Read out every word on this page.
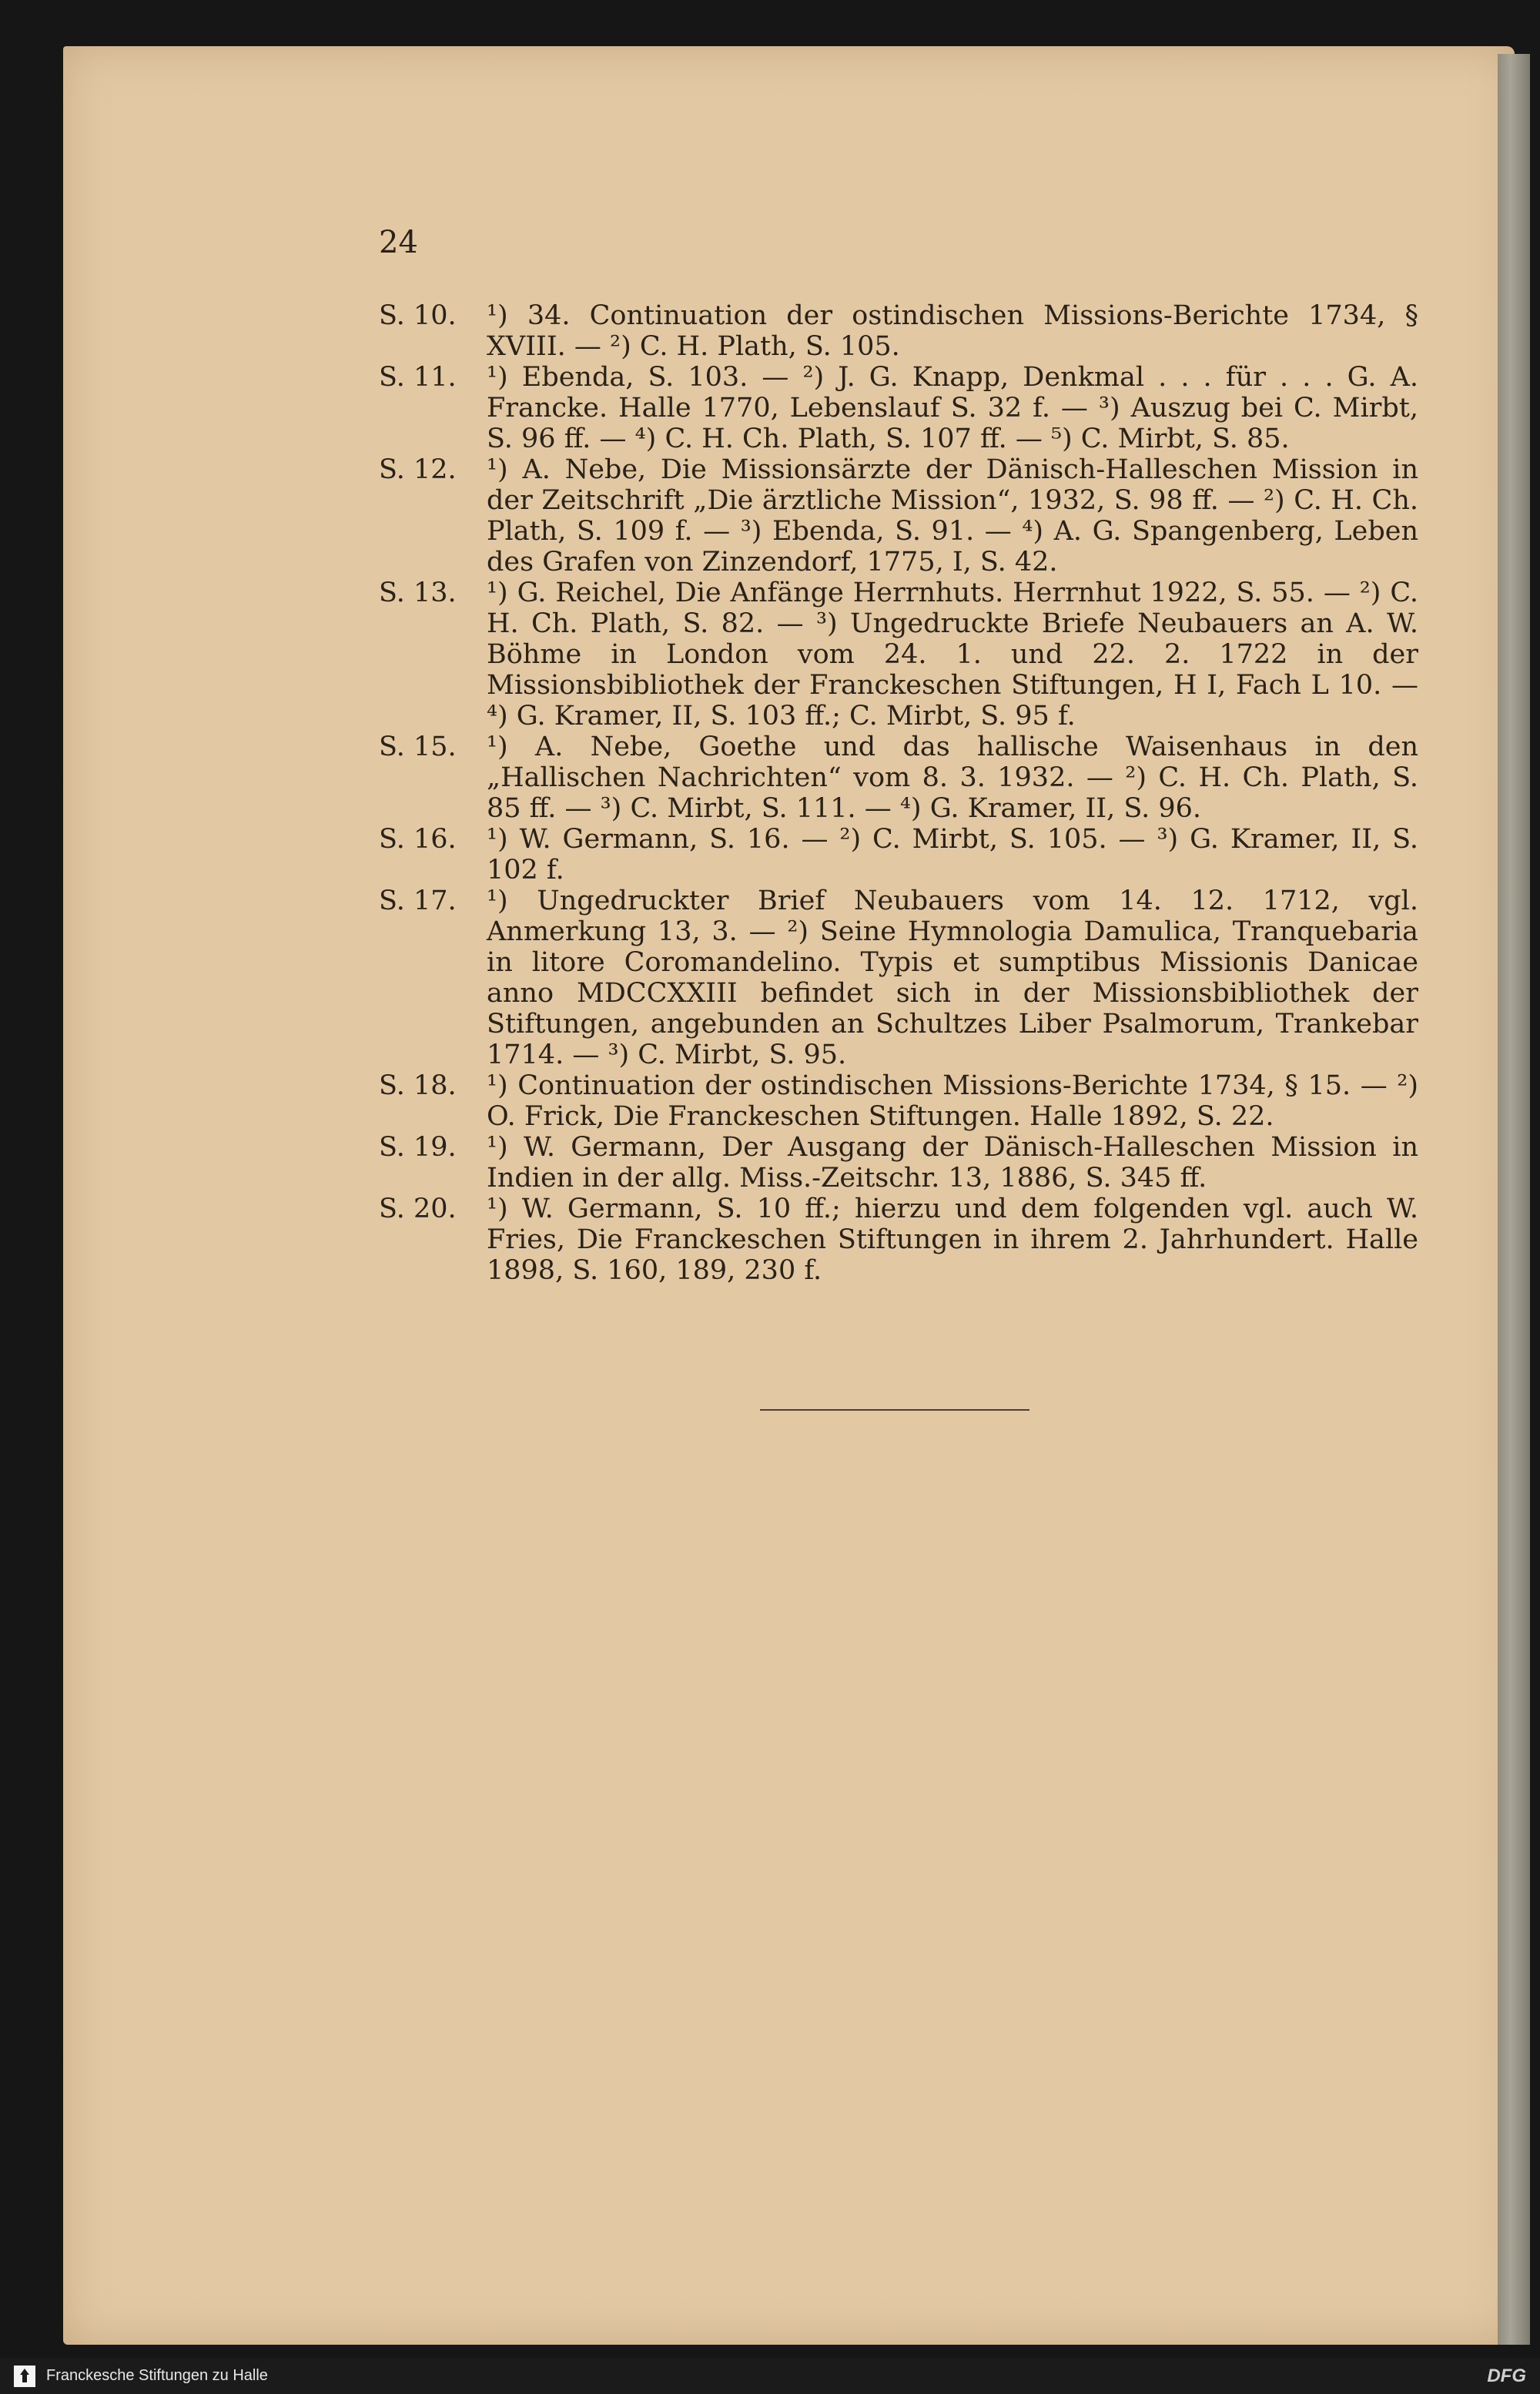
24
S. 10.	¹) 34. Continuation der ostindischen Missions-Berichte 1734, § XVIII. — ²) C. H. Plath, S. 105.
S. 11.	¹) Ebenda, S. 103. — ²) J. G. Knapp, Denkmal . . . für . . . G. A. Francke. Halle 1770, Lebenslauf S. 32 f. — ³) Auszug bei C. Mirbt, S. 96 ff. — ⁴) C. H. Ch. Plath, S. 107 ff. — ⁵) C. Mirbt, S. 85.
S. 12.	¹) A. Nebe, Die Missionsärzte der Dänisch-Halleschen Mission in der Zeitschrift „Die ärztliche Mission“, 1932, S. 98 ff. — ²) C. H. Ch. Plath, S. 109 f. — ³) Ebenda, S. 91. — ⁴) A. G. Spangenberg, Leben des Grafen von Zinzendorf, 1775, I, S. 42.
S. 13.	¹) G. Reichel, Die Anfänge Herrnhuts. Herrnhut 1922, S. 55. — ²) C. H. Ch. Plath, S. 82. — ³) Ungedruckte Briefe Neubauers an A. W. Böhme in London vom 24. 1. und 22. 2. 1722 in der Missionsbibliothek der Franckeschen Stiftungen, H I, Fach L 10. — ⁴) G. Kramer, II, S. 103 ff.; C. Mirbt, S. 95 f.
S. 15.	¹) A. Nebe, Goethe und das hallische Waisenhaus in den „Hallischen Nachrichten“ vom 8. 3. 1932. — ²) C. H. Ch. Plath, S. 85 ff. — ³) C. Mirbt, S. 111. — ⁴) G. Kramer, II, S. 96.
S. 16.	¹) W. Germann, S. 16. — ²) C. Mirbt, S. 105. — ³) G. Kramer, II, S. 102 f.
S. 17.	¹) Ungedruckter Brief Neubauers vom 14. 12. 1712, vgl. Anmerkung 13, 3. — ²) Seine Hymnologia Damulica, Tranquebaria in litore Coromandelino. Typis et sumptibus Missionis Danicae anno MDCCXXIII befindet sich in der Missionsbibliothek der Stiftungen, angebunden an Schultzes Liber Psalmorum, Trankebar 1714. — ³) C. Mirbt, S. 95.
S. 18.	¹) Continuation der ostindischen Missions-Berichte 1734, § 15. — ²) O. Frick, Die Franckeschen Stiftungen. Halle 1892, S. 22.
S. 19.	¹) W. Germann, Der Ausgang der Dänisch-Halleschen Mission in Indien in der allg. Miss.-Zeitschr. 13, 1886, S. 345 ff.
S. 20.	¹) W. Germann, S. 10 ff.; hierzu und dem folgenden vgl. auch W. Fries, Die Franckeschen Stiftungen in ihrem 2. Jahrhundert. Halle 1898, S. 160, 189, 230 f.
Franckesche Stiftungen zu Halle	DFG
